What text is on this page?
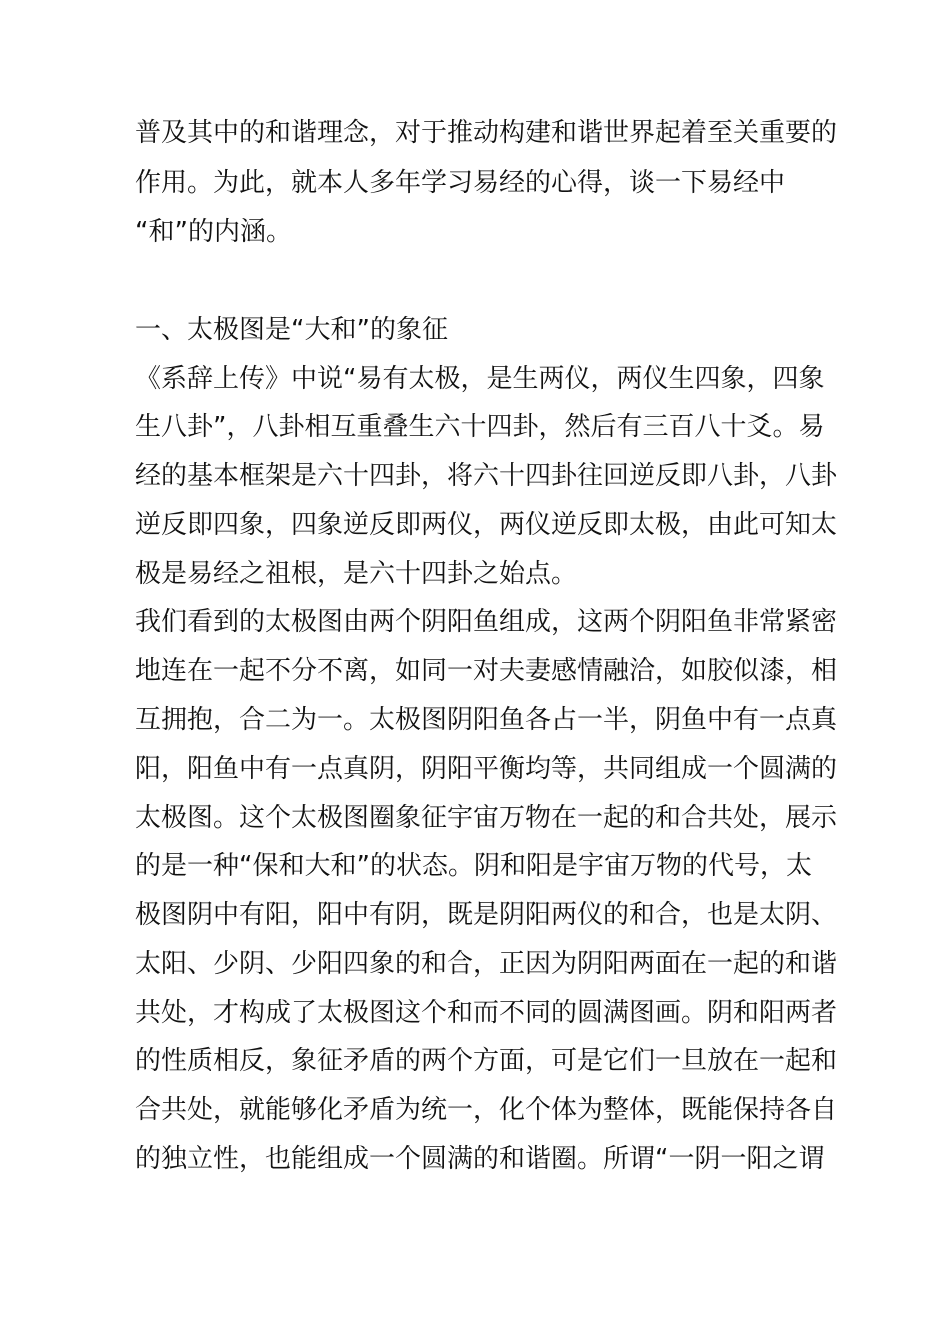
普及其中的和谐理念，对于推动构建和谐世界起着至关重要的
作用。为此，就本人多年学习易经的心得，谈一下易经中
“和”的内涵。
一、太极图是“大和”的象征
《系辞上传》中说“易有太极，是生两仪，两仪生四象，四象
生八卦”，八卦相互重叠生六十四卦，然后有三百八十爻。易
经的基本框架是六十四卦，将六十四卦往回逆反即八卦，八卦
逆反即四象，四象逆反即两仪，两仪逆反即太极，由此可知太
极是易经之祖根，是六十四卦之始点。
我们看到的太极图由两个阴阳鱼组成，这两个阴阳鱼非常紧密
地连在一起不分不离，如同一对夫妻感情融洽，如胶似漆，相
互拥抱，合二为一。太极图阴阳鱼各占一半，阴鱼中有一点真
阳，阳鱼中有一点真阴，阴阳平衡均等，共同组成一个圆满的
太极图。这个太极图圈象征宇宙万物在一起的和合共处，展示
的是一种“保和大和”的状态。阴和阳是宇宙万物的代号，太
极图阴中有阳，阳中有阴，既是阴阳两仪的和合，也是太阴、
太阳、少阴、少阳四象的和合，正因为阴阳两面在一起的和谐
共处，才构成了太极图这个和而不同的圆满图画。阴和阳两者
的性质相反，象征矛盾的两个方面，可是它们一旦放在一起和
合共处，就能够化矛盾为统一，化个体为整体，既能保持各自
的独立性，也能组成一个圆满的和谐圈。所谓“一阴一阳之谓
